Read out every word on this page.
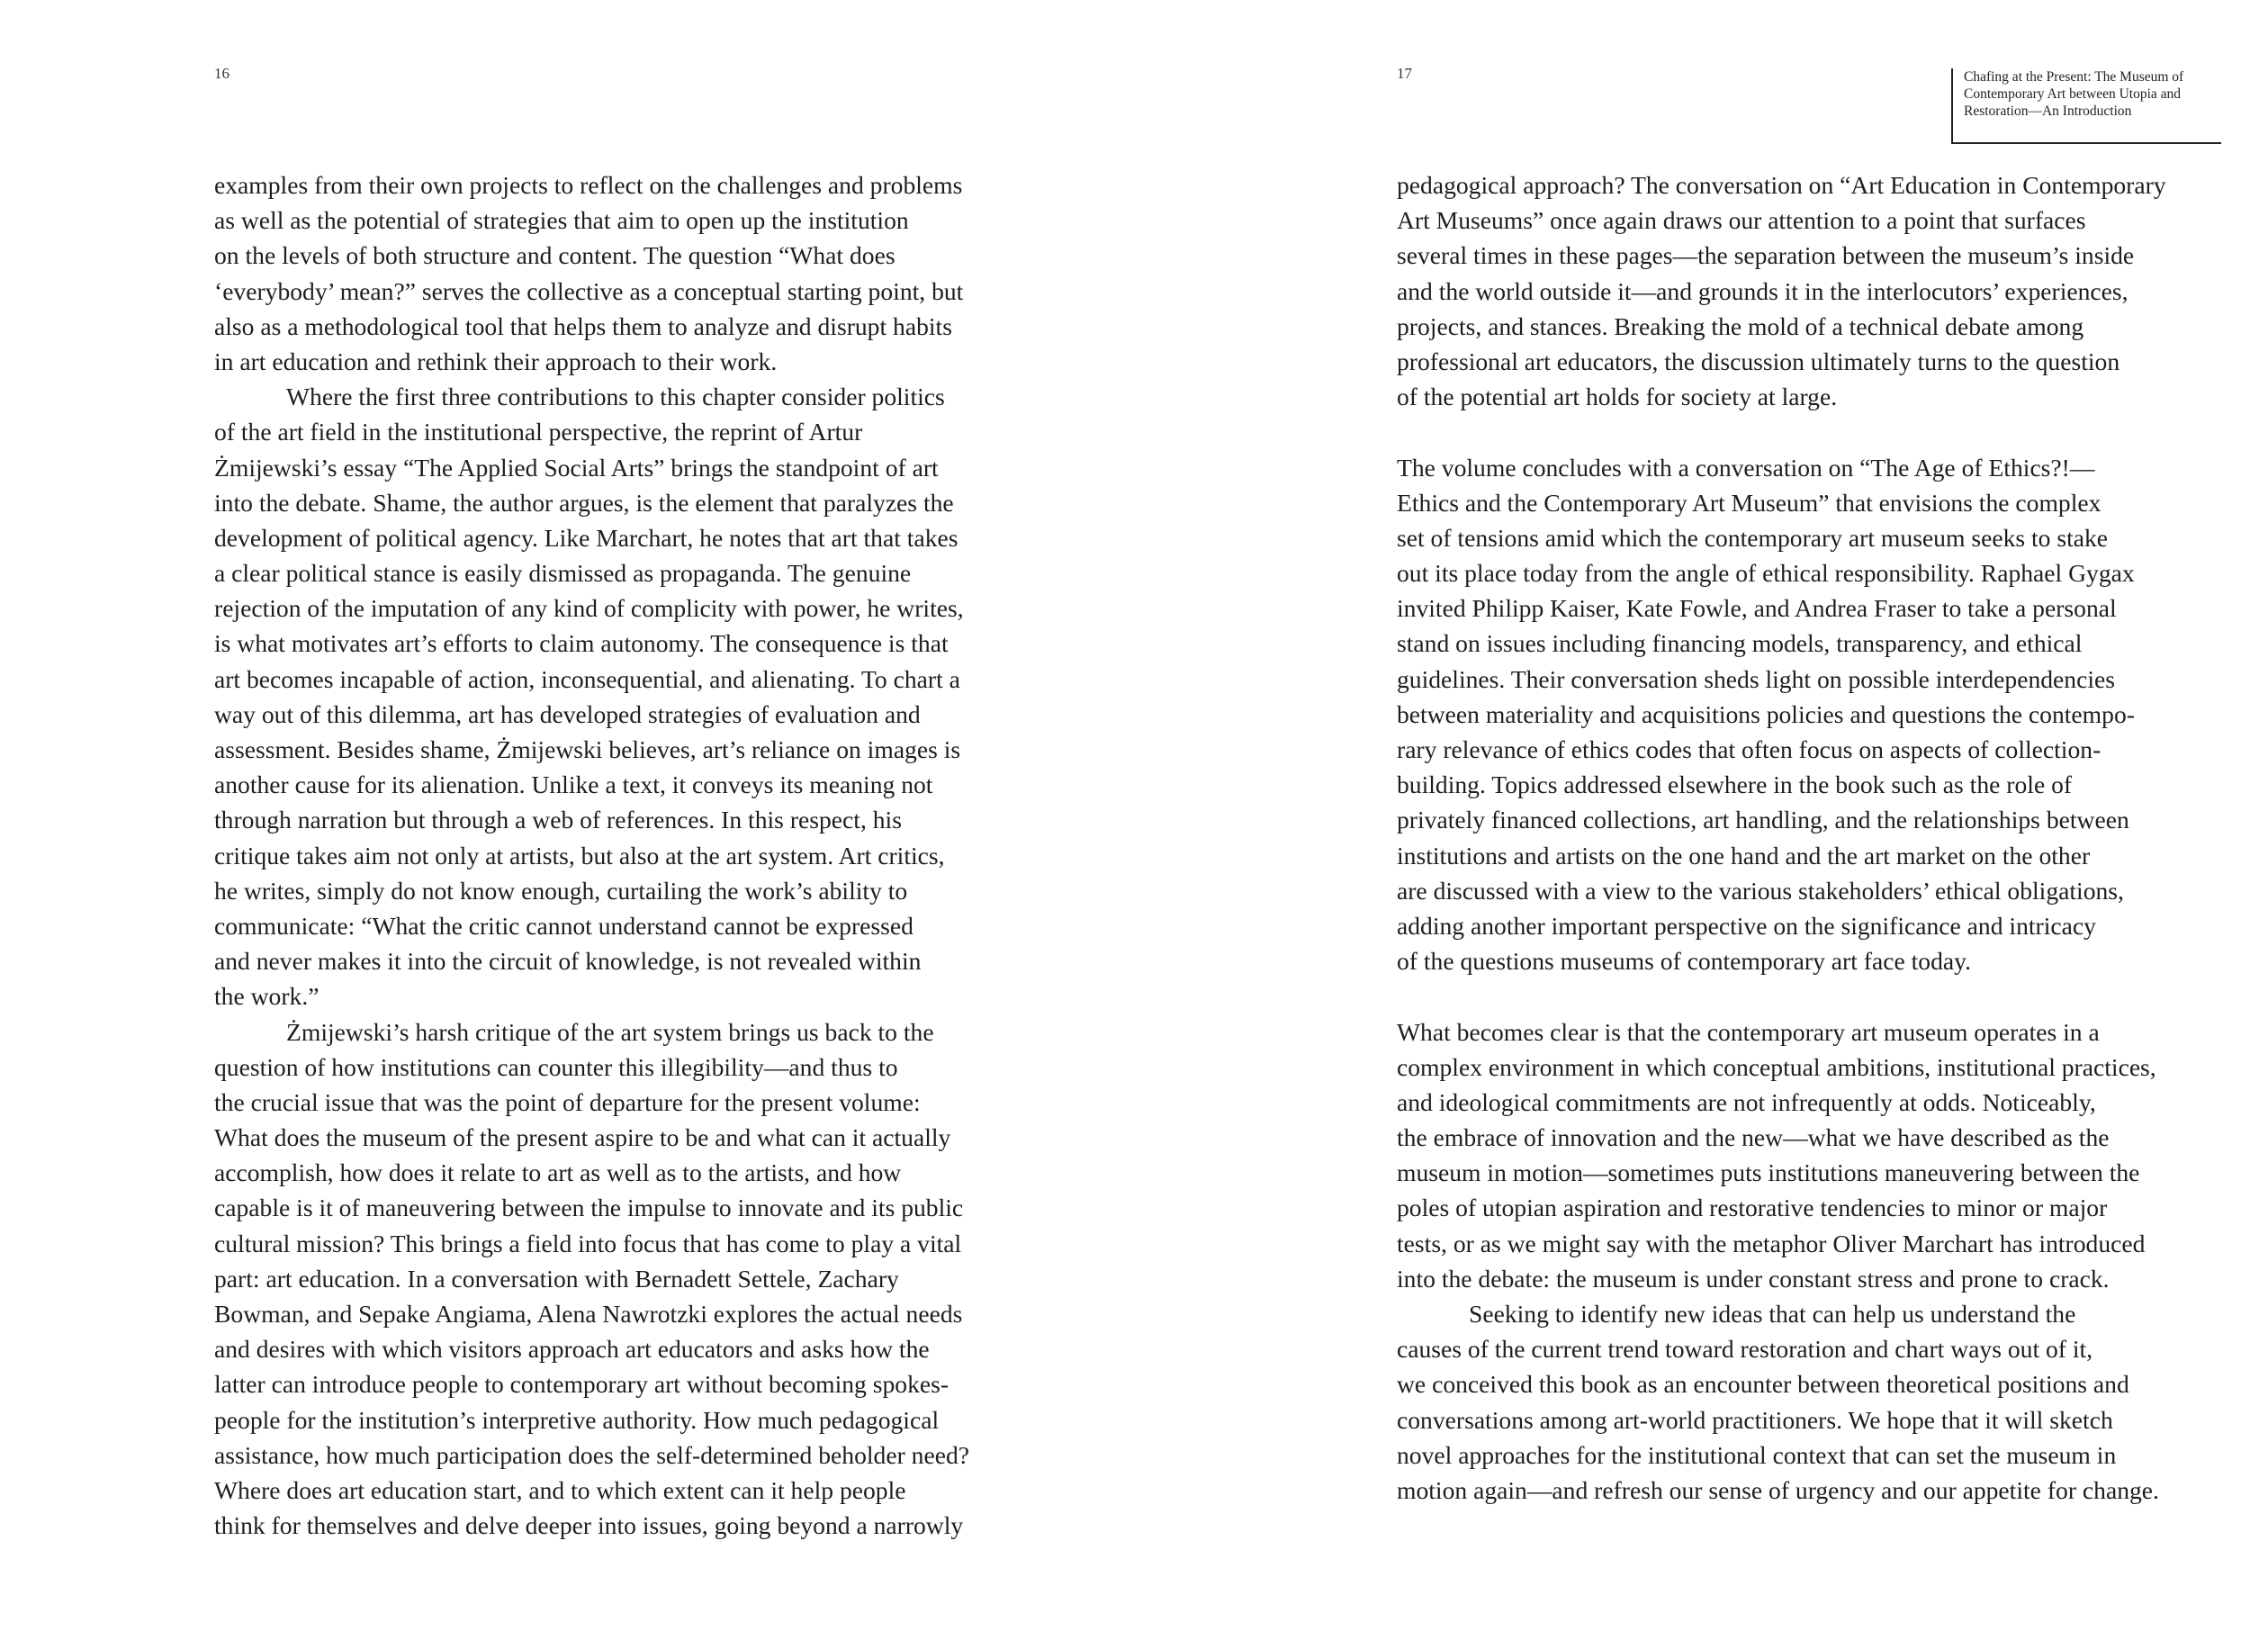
16
examples from their own projects to reflect on the challenges and problems
as well as the potential of strategies that aim to open up the institution
on the levels of both structure and content. The question “What does
‘everybody’ mean?” serves the collective as a conceptual starting point, but
also as a methodological tool that helps them to analyze and disrupt habits
in art education and rethink their approach to their work.
Where the first three contributions to this chapter consider politics
of the art field in the institutional perspective, the reprint of Artur
Żmijewski’s essay “The Applied Social Arts” brings the standpoint of art
into the debate. Shame, the author argues, is the element that paralyzes the
development of political agency. Like Marchart, he notes that art that takes
a clear political stance is easily dismissed as propaganda. The genuine
rejection of the imputation of any kind of complicity with power, he writes,
is what motivates art’s efforts to claim autonomy. The consequence is that
art becomes incapable of action, inconsequential, and alienating. To chart a
way out of this dilemma, art has developed strategies of evaluation and
assessment. Besides shame, Żmijewski believes, art’s reliance on images is
another cause for its alienation. Unlike a text, it conveys its meaning not
through narration but through a web of references. In this respect, his
critique takes aim not only at artists, but also at the art system. Art critics,
he writes, simply do not know enough, curtailing the work’s ability to
communicate: “What the critic cannot understand cannot be expressed
and never makes it into the circuit of knowledge, is not revealed within
the work.”
Żmijewski’s harsh critique of the art system brings us back to the
question of how institutions can counter this illegibility—and thus to
the crucial issue that was the point of departure for the present volume:
What does the museum of the present aspire to be and what can it actually
accomplish, how does it relate to art as well as to the artists, and how
capable is it of maneuvering between the impulse to innovate and its public
cultural mission? This brings a field into focus that has come to play a vital
part: art education. In a conversation with Bernadett Settele, Zachary
Bowman, and Sepake Angiama, Alena Nawrotzki explores the actual needs
and desires with which visitors approach art educators and asks how the
latter can introduce people to contemporary art without becoming spokes-
people for the institution’s interpretive authority. How much pedagogical
assistance, how much participation does the self-determined beholder need?
Where does art education start, and to which extent can it help people
think for themselves and delve deeper into issues, going beyond a narrowly
17	Chafing at the Present: The Museum of
Contemporary Art between Utopia and
Restoration—An Introduction
pedagogical approach? The conversation on “Art Education in Contemporary
Art Museums” once again draws our attention to a point that surfaces
several times in these pages—the separation between the museum’s inside
and the world outside it—and grounds it in the interlocutors’ experiences,
projects, and stances. Breaking the mold of a technical debate among
professional art educators, the discussion ultimately turns to the question
of the potential art holds for society at large.
The volume concludes with a conversation on “The Age of Ethics?!—
Ethics and the Contemporary Art Museum” that envisions the complex
set of tensions amid which the contemporary art museum seeks to stake
out its place today from the angle of ethical responsibility. Raphael Gygax
invited Philipp Kaiser, Kate Fowle, and Andrea Fraser to take a personal
stand on issues including financing models, transparency, and ethical
guidelines. Their conversation sheds light on possible interdependencies
between materiality and acquisitions policies and questions the contempo-
rary relevance of ethics codes that often focus on aspects of collection-
building. Topics addressed elsewhere in the book such as the role of
privately financed collections, art handling, and the relationships between
institutions and artists on the one hand and the art market on the other
are discussed with a view to the various stakeholders’ ethical obligations,
adding another important perspective on the significance and intricacy
of the questions museums of contemporary art face today.
What becomes clear is that the contemporary art museum operates in a
complex environment in which conceptual ambitions, institutional practices,
and ideological commitments are not infrequently at odds. Noticeably,
the embrace of innovation and the new—what we have described as the
museum in motion—sometimes puts institutions maneuvering between the
poles of utopian aspiration and restorative tendencies to minor or major
tests, or as we might say with the metaphor Oliver Marchart has introduced
into the debate: the museum is under constant stress and prone to crack.
Seeking to identify new ideas that can help us understand the
causes of the current trend toward restoration and chart ways out of it,
we conceived this book as an encounter between theoretical positions and
conversations among art-world practitioners. We hope that it will sketch
novel approaches for the institutional context that can set the museum in
motion again—and refresh our sense of urgency and our appetite for change.
